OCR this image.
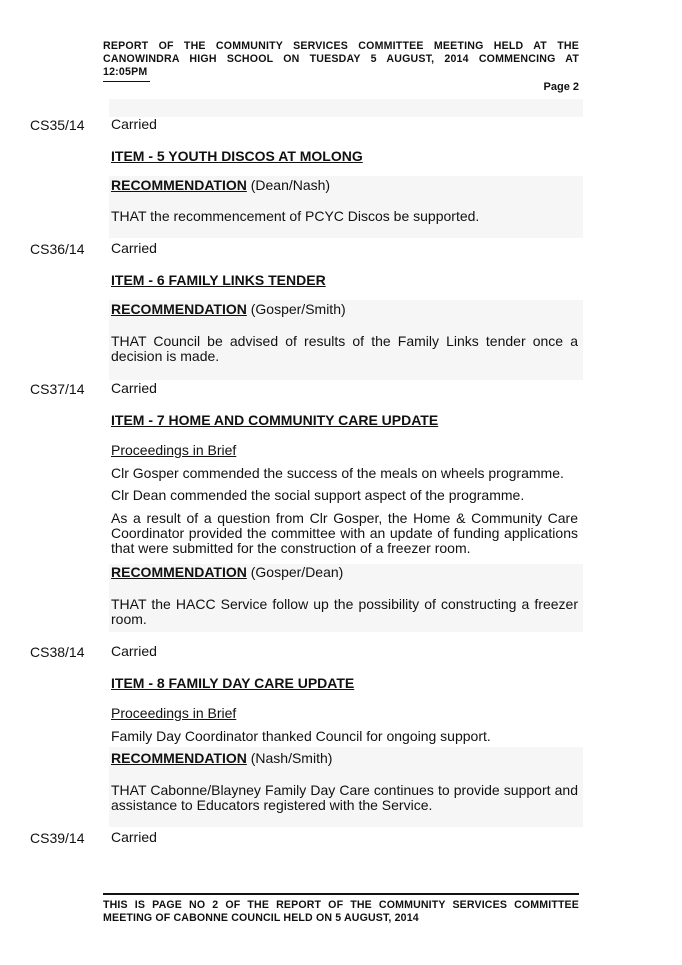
REPORT OF THE COMMUNITY SERVICES COMMITTEE MEETING HELD AT THE
CANOWINDRA HIGH SCHOOL ON TUESDAY 5 AUGUST, 2014 COMMENCING AT
12:05PM
Page 2
CS35/14 Carried
ITEM - 5 YOUTH DISCOS AT MOLONG
RECOMMENDATION (Dean/Nash)
THAT the recommencement of PCYC Discos be supported.
CS36/14 Carried
ITEM - 6 FAMILY LINKS TENDER
RECOMMENDATION (Gosper/Smith)
THAT Council be advised of results of the Family Links tender once a decision is made.
CS37/14 Carried
ITEM - 7 HOME AND COMMUNITY CARE UPDATE
Proceedings in Brief
Clr Gosper commended the success of the meals on wheels programme.
Clr Dean commended the social support aspect of the programme.
As a result of a question from Clr Gosper, the Home & Community Care Coordinator provided the committee with an update of funding applications that were submitted for the construction of a freezer room.
RECOMMENDATION (Gosper/Dean)
THAT the HACC Service follow up the possibility of constructing a freezer room.
CS38/14 Carried
ITEM - 8 FAMILY DAY CARE UPDATE
Proceedings in Brief
Family Day Coordinator thanked Council for ongoing support.
RECOMMENDATION (Nash/Smith)
THAT Cabonne/Blayney Family Day Care continues to provide support and assistance to Educators registered with the Service.
CS39/14 Carried
THIS IS PAGE NO 2 OF THE REPORT OF THE COMMUNITY SERVICES COMMITTEE MEETING OF CABONNE COUNCIL HELD ON 5 AUGUST, 2014
